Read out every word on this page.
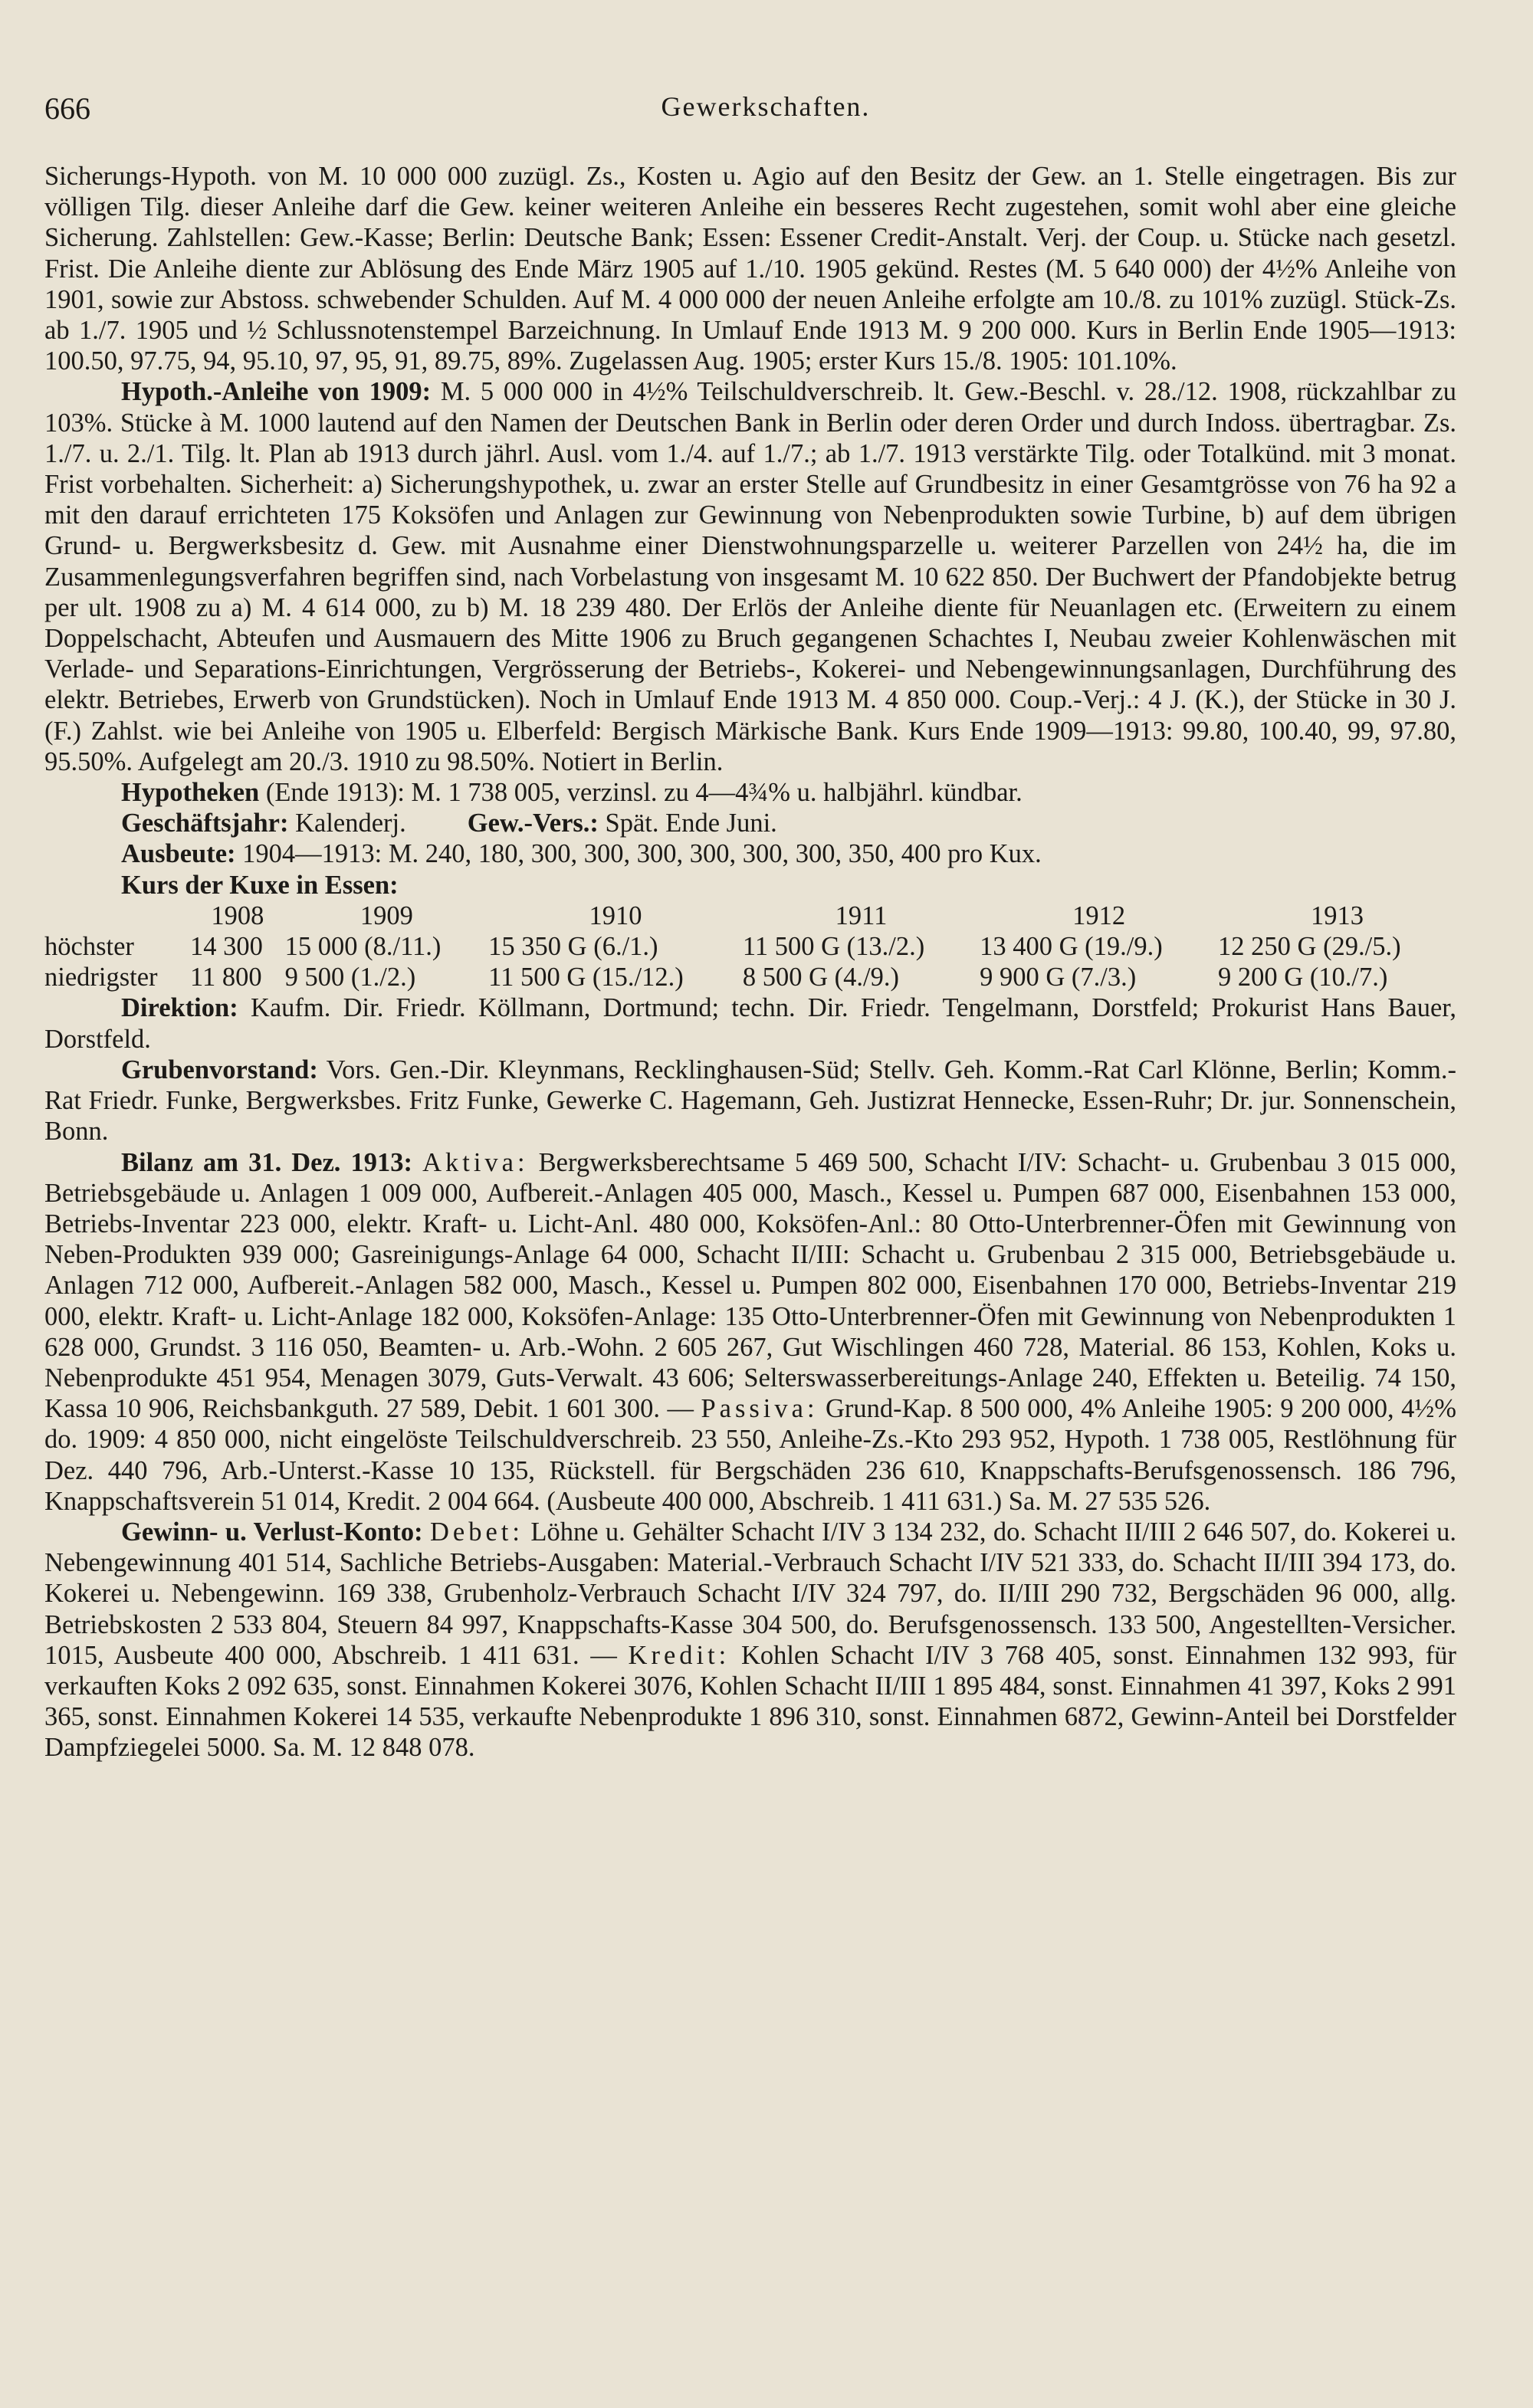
666	Gewerkschaften.

Sicherungs-Hypoth. von M. 10 000 000 zuzügl. Zs., Kosten u. Agio auf den Besitz der Gew. an 1. Stelle eingetragen. Bis zur völligen Tilg. dieser Anleihe darf die Gew. keiner weiteren Anleihe ein besseres Recht zugestehen, somit wohl aber eine gleiche Sicherung. Zahlstellen: Gew.-Kasse; Berlin: Deutsche Bank; Essen: Essener Credit-Anstalt. Verj. der Coup. u. Stücke nach gesetzl. Frist. Die Anleihe diente zur Ablösung des Ende März 1905 auf 1./10. 1905 gekünd. Restes (M. 5 640 000) der 4½% Anleihe von 1901, sowie zur Abstoss. schwebender Schulden. Auf M. 4 000 000 der neuen Anleihe erfolgte am 10./8. zu 101% zuzügl. Stück-Zs. ab 1./7. 1905 und ½ Schlussnotenstempel Barzeichnung. In Umlauf Ende 1913 M. 9 200 000. Kurs in Berlin Ende 1905—1913: 100.50, 97.75, 94, 95.10, 97, 95, 91, 89.75, 89%. Zugelassen Aug. 1905; erster Kurs 15./8. 1905: 101.10%.

Hypoth.-Anleihe von 1909: M. 5 000 000 in 4½% Teilschuldverschreib. lt. Gew.-Beschl. v. 28./12. 1908, rückzahlbar zu 103%. Stücke à M. 1000 lautend auf den Namen der Deutschen Bank in Berlin oder deren Order und durch Indoss. übertragbar. Zs. 1./7. u. 2./1. Tilg. lt. Plan ab 1913 durch jährl. Ausl. vom 1./4. auf 1./7.; ab 1./7. 1913 verstärkte Tilg. oder Totalkünd. mit 3 monat. Frist vorbehalten. Sicherheit: a) Sicherungshypothek, u. zwar an erster Stelle auf Grundbesitz in einer Gesamtgrösse von 76 ha 92 a mit den darauf errichteten 175 Koksöfen und Anlagen zur Gewinnung von Nebenprodukten sowie Turbine, b) auf dem übrigen Grund- u. Bergwerksbesitz d. Gew. mit Ausnahme einer Dienstwohnungsparzelle u. weiterer Parzellen von 24½ ha, die im Zusammenlegungsverfahren begriffen sind, nach Vorbelastung von insgesamt M. 10 622 850. Der Buchwert der Pfandobjekte betrug per ult. 1908 zu a) M. 4 614 000, zu b) M. 18 239 480. Der Erlös der Anleihe diente für Neuanlagen etc. (Erweitern zu einem Doppelschacht, Abteufen und Ausmauern des Mitte 1906 zu Bruch gegangenen Schachtes I, Neubau zweier Kohlenwäschen mit Verlade- und Separations-Einrichtungen, Vergrösserung der Betriebs-, Kokerei- und Nebengewinnungsanlagen, Durchführung des elektr. Betriebes, Erwerb von Grundstücken). Noch in Umlauf Ende 1913 M. 4 850 000. Coup.-Verj.: 4 J. (K.), der Stücke in 30 J. (F.) Zahlst. wie bei Anleihe von 1905 u. Elberfeld: Bergisch Märkische Bank. Kurs Ende 1909—1913: 99.80, 100.40, 99, 97.80, 95.50%. Aufgelegt am 20./3. 1910 zu 98.50%. Notiert in Berlin.

Hypotheken (Ende 1913): M. 1 738 005, verzinsl. zu 4—4¾% u. halbjährl. kündbar.

Geschäftsjahr: Kalenderj. Gew.-Vers.: Spät. Ende Juni.

Ausbeute: 1904—1913: M. 240, 180, 300, 300, 300, 300, 300, 300, 350, 400 pro Kux.

Kurs der Kuxe in Essen:

	1908	1909	1910	1911	1912	1913
höchster	14 300	15 000 (8./11.)	15 350 G (6./1.)	11 500 G (13./2.)	13 400 G (19./9.)	12 250 G (29./5.)
niedrigster	11 800	9 500 (1./2.)	11 500 G (15./12.)	8 500 G (4./9.)	9 900 G (7./3.)	9 200 G (10./7.)

Direktion: Kaufm. Dir. Friedr. Köllmann, Dortmund; techn. Dir. Friedr. Tengelmann, Dorstfeld; Prokurist Hans Bauer, Dorstfeld.

Grubenvorstand: Vors. Gen.-Dir. Kleynmans, Recklinghausen-Süd; Stellv. Geh. Komm.-Rat Carl Klönne, Berlin; Komm.-Rat Friedr. Funke, Bergwerksbes. Fritz Funke, Gewerke C. Hagemann, Geh. Justizrat Hennecke, Essen-Ruhr; Dr. jur. Sonnenschein, Bonn.

Bilanz am 31. Dez. 1913: Aktiva: Bergwerksberechtsame 5 469 500, Schacht I/IV: Schacht- u. Grubenbau 3 015 000, Betriebsgebäude u. Anlagen 1 009 000, Aufbereit.-Anlagen 405 000, Masch., Kessel u. Pumpen 687 000, Eisenbahnen 153 000, Betriebs-Inventar 223 000, elektr. Kraft- u. Licht-Anl. 480 000, Koksöfen-Anl.: 80 Otto-Unterbrenner-Öfen mit Gewinnung von Neben-Produkten 939 000; Gasreinigungs-Anlage 64 000, Schacht II/III: Schacht u. Grubenbau 2 315 000, Betriebsgebäude u. Anlagen 712 000, Aufbereit.-Anlagen 582 000, Masch., Kessel u. Pumpen 802 000, Eisenbahnen 170 000, Betriebs-Inventar 219 000, elektr. Kraft- u. Licht-Anlage 182 000, Koksöfen-Anlage: 135 Otto-Unterbrenner-Öfen mit Gewinnung von Nebenprodukten 1 628 000, Grundst. 3 116 050, Beamten- u. Arb.-Wohn. 2 605 267, Gut Wischlingen 460 728, Material. 86 153, Kohlen, Koks u. Nebenprodukte 451 954, Menagen 3079, Guts-Verwalt. 43 606; Selterswasserbereitungs-Anlage 240, Effekten u. Beteilig. 74 150, Kassa 10 906, Reichsbankguth. 27 589, Debit. 1 601 300. — Passiva: Grund-Kap. 8 500 000, 4% Anleihe 1905: 9 200 000, 4½% do. 1909: 4 850 000, nicht eingelöste Teilschuldverschreib. 23 550, Anleihe-Zs.-Kto 293 952, Hypoth. 1 738 005, Restlöhnung für Dez. 440 796, Arb.-Unterst.-Kasse 10 135, Rückstell. für Bergschäden 236 610, Knappschafts-Berufsgenossensch. 186 796, Knappschaftsverein 51 014, Kredit. 2 004 664. (Ausbeute 400 000, Abschreib. 1 411 631.) Sa. M. 27 535 526.

Gewinn- u. Verlust-Konto: Debet: Löhne u. Gehälter Schacht I/IV 3 134 232, do. Schacht II/III 2 646 507, do. Kokerei u. Nebengewinnung 401 514, Sachliche Betriebs-Ausgaben: Material.-Verbrauch Schacht I/IV 521 333, do. Schacht II/III 394 173, do. Kokerei u. Nebengewinn. 169 338, Grubenholz-Verbrauch Schacht I/IV 324 797, do. II/III 290 732, Bergschäden 96 000, allg. Betriebskosten 2 533 804, Steuern 84 997, Knappschafts-Kasse 304 500, do. Berufsgenossensch. 133 500, Angestellten-Versicher. 1015, Ausbeute 400 000, Abschreib. 1 411 631. — Kredit: Kohlen Schacht I/IV 3 768 405, sonst. Einnahmen 132 993, für verkauften Koks 2 092 635, sonst. Einnahmen Kokerei 3076, Kohlen Schacht II/III 1 895 484, sonst. Einnahmen 41 397, Koks 2 991 365, sonst. Einnahmen Kokerei 14 535, verkaufte Nebenprodukte 1 896 310, sonst. Einnahmen 6872, Gewinn-Anteil bei Dorstfelder Dampfziegelei 5000. Sa. M. 12 848 078.
